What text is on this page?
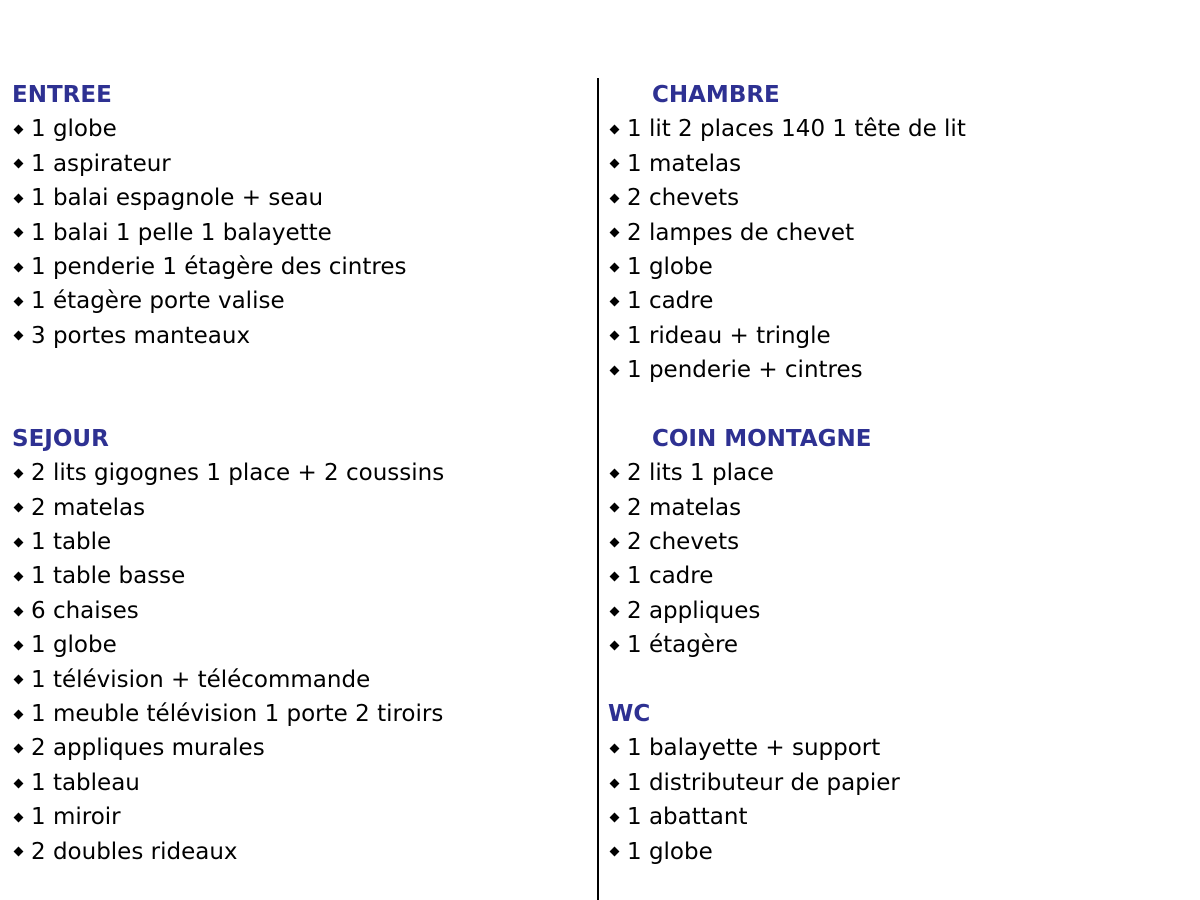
ENTREE
1 globe
1 aspirateur
1 balai espagnole + seau
1 balai 1 pelle 1 balayette
1 penderie 1 étagère des cintres
1 étagère porte valise
3 portes manteaux
SEJOUR
2 lits gigognes 1 place + 2 coussins
2 matelas
1 table
1 table basse
6 chaises
1 globe
1 télévision + télécommande
1 meuble télévision 1 porte 2 tiroirs
2 appliques murales
1 tableau
1 miroir
2 doubles rideaux
CHAMBRE
1 lit 2 places 140 1 tête de lit
1 matelas
2 chevets
2 lampes de chevet
1 globe
1 cadre
1 rideau + tringle
1 penderie + cintres
COIN MONTAGNE
2 lits 1 place
2 matelas
2 chevets
1 cadre
2 appliques
1 étagère
WC
1 balayette + support
1 distributeur de papier
1 abattant
1 globe
